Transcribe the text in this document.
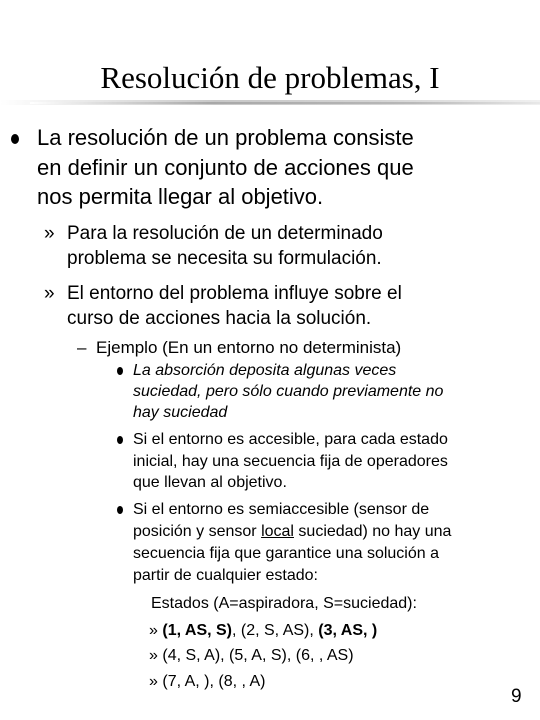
Resolución de problemas, I
La resolución de un problema consiste
en definir un conjunto de acciones que
nos permita llegar al objetivo.
» Para la resolución de un determinado
problema se necesita su formulación.
» El entorno del problema influye sobre el
curso de acciones hacia la solución.
– Ejemplo (En un entorno no determinista)
La absorción deposita algunas veces
suciedad, pero sólo cuando previamente no
hay suciedad
Si el entorno es accesible, para cada estado
inicial, hay una secuencia fija de operadores
que llevan al objetivo.
Si el entorno es semiaccesible (sensor de
posición y sensor local suciedad) no hay una
secuencia fija que garantice una solución a
partir de cualquier estado:
Estados (A=aspiradora, S=suciedad):
» (1, AS, S), (2, S, AS), (3, AS, )
» (4, S, A), (5, A, S), (6, , AS)
» (7, A, ), (8, , A)
9
